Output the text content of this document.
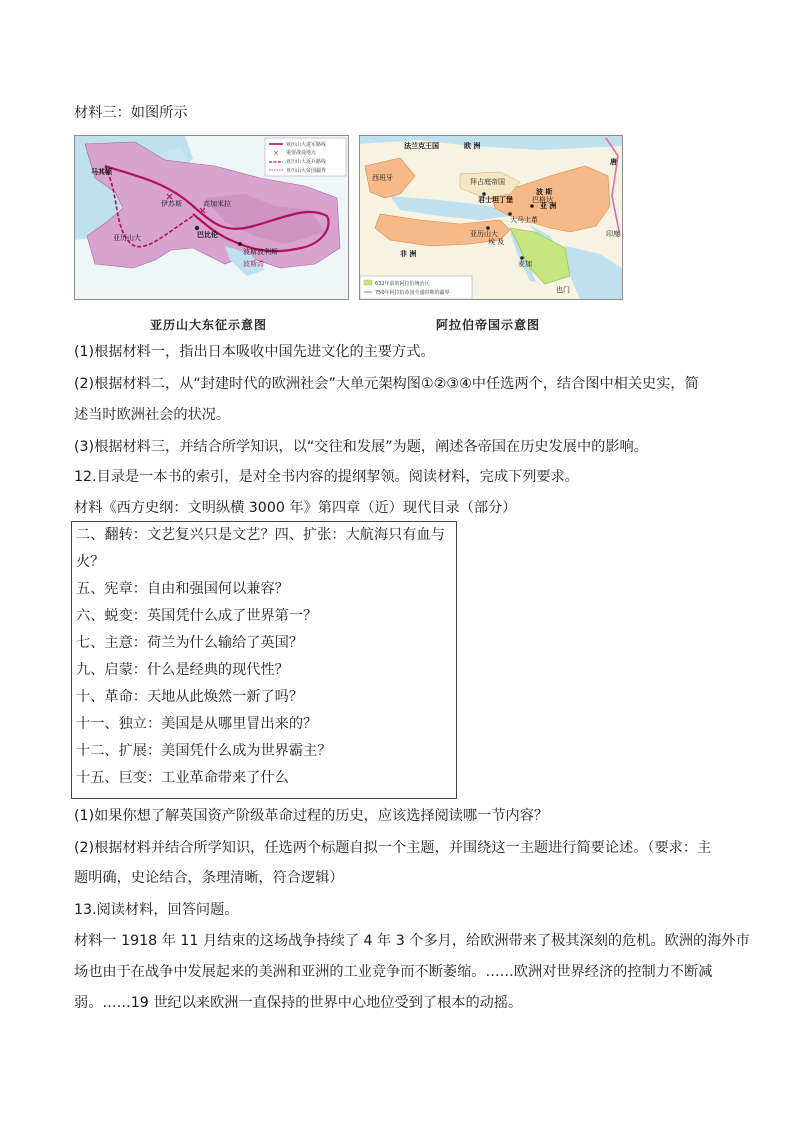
材料三：如图所示
马其顿
伊苏斯	高加米拉
巴比伦
亚历山大
波斯波利斯
波斯湾
亚历山大进军路线
× 重要战役地点
亚历山大返兵路线
亚历山大帝国疆界
亚历山大东征示意图
法兰克王国	欧 洲
西班牙	拜占庭帝国
君士坦丁堡
大马士革
巴格达
亚历山大
波 斯
亚 洲
非 洲
埃 及
麦加
唐
印度
也门
632年前的阿拉伯统治区
750年阿拉伯帝国全盛时期的疆界
阿拉伯帝国示意图
(1)根据材料一，指出日本吸收中国先进文化的主要方式。
(2)根据材料二，从“封建时代的欧洲社会”大单元架构图①②③④中任选两个，结合图中相关史实，简
述当时欧洲社会的状况。
(3)根据材料三，并结合所学知识，以“交往和发展”为题，阐述各帝国在历史发展中的影响。
12.目录是一本书的索引，是对全书内容的提纲挈领。阅读材料，完成下列要求。
材料《西方史纲：文明纵横 3000 年》第四章（近）现代目录（部分）
二、翻转：文艺复兴只是文艺？四、扩张：大航海只有血与
火？
五、宪章：自由和强国何以兼容？
六、蜕变：英国凭什么成了世界第一？
七、主意：荷兰为什么输给了英国？
九、启蒙：什么是经典的现代性？
十、革命：天地从此焕然一新了吗？
十一、独立：美国是从哪里冒出来的？
十二、扩展：美国凭什么成为世界霸主？
十五、巨变：工业革命带来了什么
(1)如果你想了解英国资产阶级革命过程的历史，应该选择阅读哪一节内容？
(2)根据材料并结合所学知识，任选两个标题自拟一个主题，并围绕这一主题进行简要论述。（要求：主
题明确，史论结合，条理清晰，符合逻辑）
13.阅读材料，回答问题。
材料一 1918 年 11 月结束的这场战争持续了 4 年 3 个多月，给欧洲带来了极其深刻的危机。欧洲的海外市
场也由于在战争中发展起来的美洲和亚洲的工业竞争而不断萎缩。……欧洲对世界经济的控制力不断减
弱。……19 世纪以来欧洲一直保持的世界中心地位受到了根本的动摇。
